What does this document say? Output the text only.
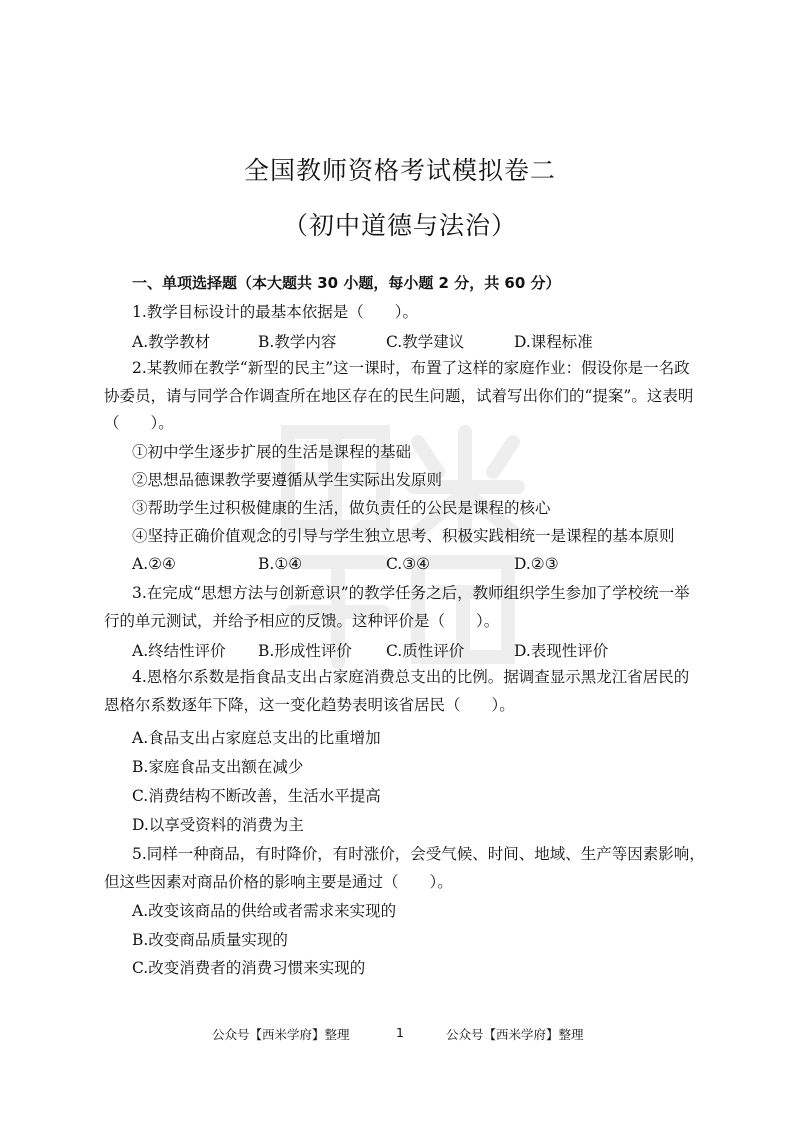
全国教师资格考试模拟卷二
（初中道德与法治）
一、单项选择题（本大题共 30 小题，每小题 2 分，共 60 分）
1.教学目标设计的最基本依据是（　　）。
A.教学教材	B.教学内容	C.教学建议	D.课程标准
2.某教师在教学“新型的民主”这一课时，布置了这样的家庭作业：假设你是一名政
协委员，请与同学合作调查所在地区存在的民生问题，试着写出你们的“提案”。这表明
（　　）。
①初中学生逐步扩展的生活是课程的基础
②思想品德课教学要遵循从学生实际出发原则
③帮助学生过积极健康的生活，做负责任的公民是课程的核心
④坚持正确价值观念的引导与学生独立思考、积极实践相统一是课程的基本原则
A.②④	B.①④	C.③④	D.②③
3.在完成“思想方法与创新意识”的教学任务之后，教师组织学生参加了学校统一举
行的单元测试，并给予相应的反馈。这种评价是（　　）。
A.终结性评价 B.形成性评价 C.质性评价	D.表现性评价
4.恩格尔系数是指食品支出占家庭消费总支出的比例。据调查显示黑龙江省居民的
恩格尔系数逐年下降，这一变化趋势表明该省居民（　　）。
A.食品支出占家庭总支出的比重增加
B.家庭食品支出额在减少
C.消费结构不断改善，生活水平提高
D.以享受资料的消费为主
5.同样一种商品，有时降价，有时涨价，会受气候、时间、地域、生产等因素影响，
但这些因素对商品价格的影响主要是通过（　　）。
A.改变该商品的供给或者需求来实现的
B.改变商品质量实现的
C.改变消费者的消费习惯来实现的
公众号【西米学府】整理	1	公众号【西米学府】整理
